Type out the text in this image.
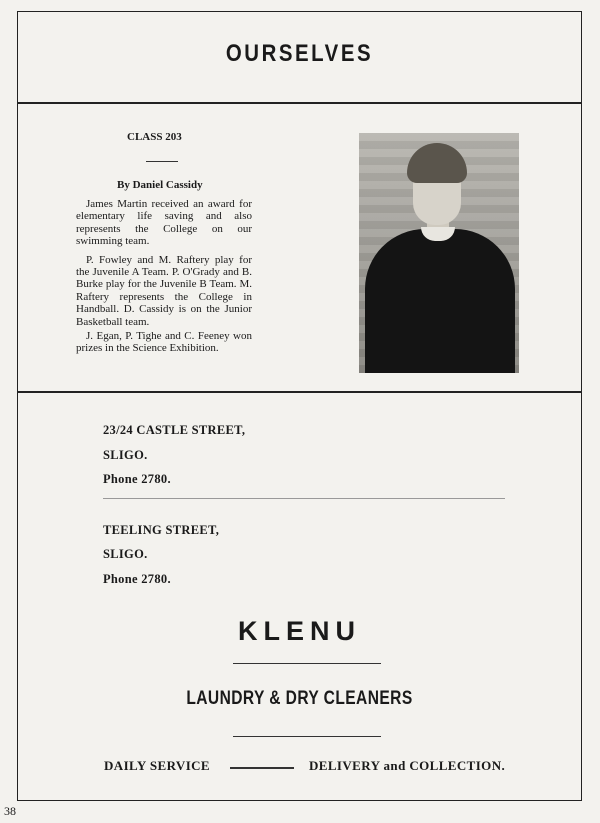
OURSELVES
CLASS 203
By Daniel Cassidy

James Martin received an award for elementary life saving and also represents the College on our swimming team.

P. Fowley and M. Raftery play for the Juvenile A Team. P. O'Grady and B. Burke play for the Juvenile B Team. M. Raftery represents the College in Handball. D. Cassidy is on the Junior Basketball team.

J. Egan, P. Tighe and C. Feeney won prizes in the Science Exhibition.

23/24 CASTLE STREET,
SLIGO.
Phone 2780.
TEELING STREET,
SLIGO.
Phone 2780.
KLENU
LAUNDRY & DRY CLEANERS
DAILY SERVICE	DELIVERY and COLLECTION.
38
